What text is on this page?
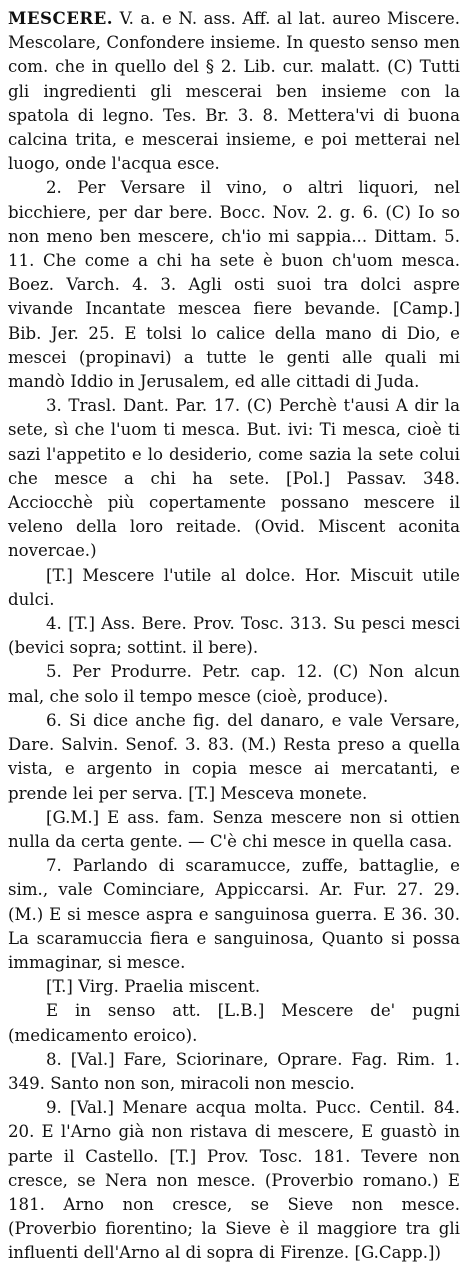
MESCERE. V. a. e N. ass. Aff. al lat. aureo Miscere. Mescolare, Confondere insieme. In questo senso men com. che in quello del § 2. Lib. cur. malatt. (C) Tutti gli ingredienti gli mescerai ben insieme con la spatola di legno. Tes. Br. 3. 8. Mettera'vi di buona calcina trita, e mescerai insieme, e poi metterai nel luogo, onde l'acqua esce.

2. Per Versare il vino, o altri liquori, nel bicchiere, per dar bere. Bocc. Nov. 2. g. 6. (C) Io so non meno ben mescere, ch'io mi sappia... Dittam. 5. 11. Che come a chi ha sete è buon ch'uom mesca. Boez. Varch. 4. 3. Agli osti suoi tra dolci aspre vivande Incantate mescea fiere bevande. [Camp.] Bib. Jer. 25. E tolsi lo calice della mano di Dio, e mescei (propinavi) a tutte le genti alle quali mi mandò Iddio in Jerusalem, ed alle cittadi di Juda.

3. Trasl. Dant. Par. 17. (C) Perchè t'ausi A dir la sete, sì che l'uom ti mesca. But. ivi: Ti mesca, cioè ti sazi l'appetito e lo desiderio, come sazia la sete colui che mesce a chi ha sete. [Pol.] Passav. 348. Acciocchè più copertamente possano mescere il veleno della loro reitade. (Ovid. Miscent aconita novercae.)

[T.] Mescere l'utile al dolce. Hor. Miscuit utile dulci.

4. [T.] Ass. Bere. Prov. Tosc. 313. Su pesci mesci (bevici sopra; sottint. il bere).

5. Per Produrre. Petr. cap. 12. (C) Non alcun mal, che solo il tempo mesce (cioè, produce).

6. Si dice anche fig. del danaro, e vale Versare, Dare. Salvin. Senof. 3. 83. (M.) Resta preso a quella vista, e argento in copia mesce ai mercatanti, e prende lei per serva. [T.] Mesceva monete.

[G.M.] E ass. fam. Senza mescere non si ottien nulla da certa gente. — C'è chi mesce in quella casa.

7. Parlando di scaramucce, zuffe, battaglie, e sim., vale Cominciare, Appiccarsi. Ar. Fur. 27. 29. (M.) E si mesce aspra e sanguinosa guerra. E 36. 30. La scaramuccia fiera e sanguinosa, Quanto si possa immaginar, si mesce.

[T.] Virg. Praelia miscent.

E in senso att. [L.B.] Mescere de' pugni (medicamento eroico).

8. [Val.] Fare, Sciorinare, Oprare. Fag. Rim. 1. 349. Santo non son, miracoli non mescio.

9. [Val.] Menare acqua molta. Pucc. Centil. 84. 20. E l'Arno già non ristava di mescere, E guastò in parte il Castello. [T.] Prov. Tosc. 181. Tevere non cresce, se Nera non mesce. (Proverbio romano.) E 181. Arno non cresce, se Sieve non mesce. (Proverbio fiorentino; la Sieve è il maggiore tra gli influenti dell'Arno al di sopra di Firenze. [G.Capp.])
